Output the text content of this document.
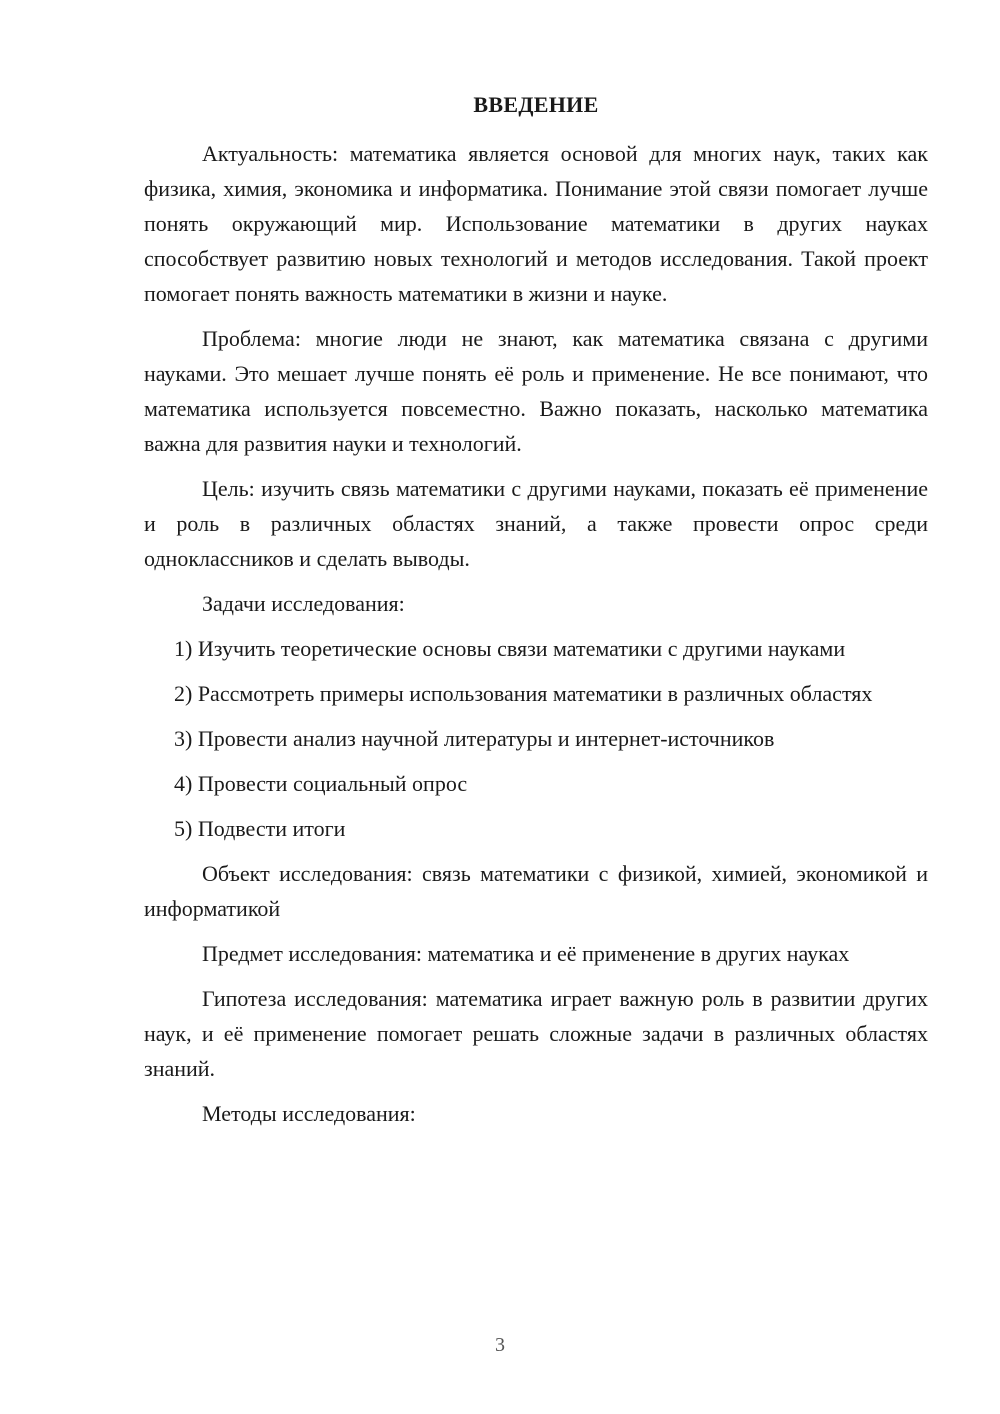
ВВЕДЕНИЕ

Актуальность: математика является основой для многих наук, таких как физика, химия, экономика и информатика. Понимание этой связи помогает лучше понять окружающий мир. Использование математики в других науках способствует развитию новых технологий и методов исследования. Такой проект помогает понять важность математики в жизни и науке.

Проблема: многие люди не знают, как математика связана с другими науками. Это мешает лучше понять её роль и применение. Не все понимают, что математика используется повсеместно. Важно показать, насколько математика важна для развития науки и технологий.

Цель: изучить связь математики с другими науками, показать её применение и роль в различных областях знаний, а также провести опрос среди одноклассников и сделать выводы.

Задачи исследования:

1) Изучить теоретические основы связи математики с другими науками

2) Рассмотреть примеры использования математики в различных областях

3) Провести анализ научной литературы и интернет-источников

4) Провести социальный опрос

5) Подвести итоги

Объект исследования: связь математики с физикой, химией, экономикой и информатикой

Предмет исследования: математика и её применение в других науках

Гипотеза исследования: математика играет важную роль в развитии других наук, и её применение помогает решать сложные задачи в различных областях знаний.

Методы исследования:

3
